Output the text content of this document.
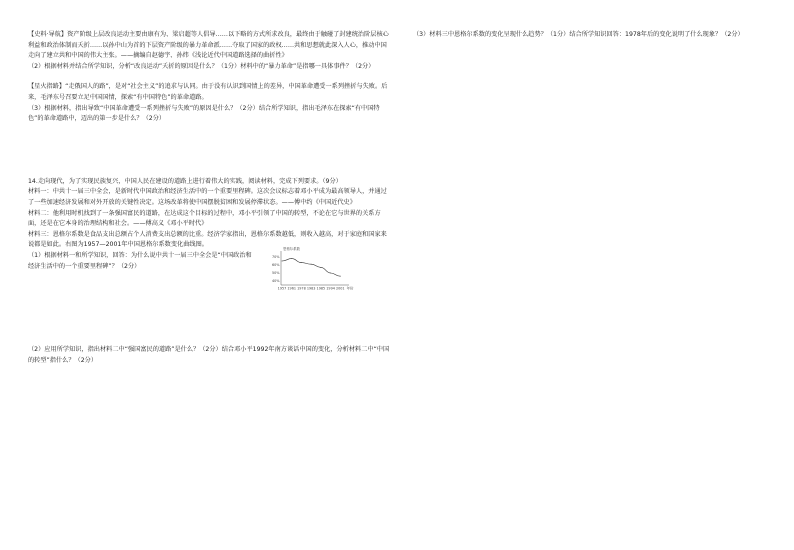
【史料·导航】资产阶级上层改良运动主要由康有为、梁启超等人倡导……以下略的方式所求改良，最终由于触碰了封建统治阶层核心利益和政治体制而夭折……以孙中山为首的下层资产阶级的暴力革命派……夺取了国家的政权……共和思想就此深入人心，推动中国走向了建立共和中国的伟大主张。——摘编自赵德宇、孙炜《浅论近代中国道路选择的曲折性》

（2）根据材料并结合所学知识，分析“改良运动”夭折的原因是什么？（1分）材料中的“暴力革命”是指哪一具体事件？（2分）

【星火指路】“走俄国人的路”，是对“社会主义”的追求与认同。由于没有认识到国情上的差异，中国革命遭受一系列挫折与失败。后来，毛泽东号召要立足中国国情，探索“有中国特色”的革命道路。

（3）根据材料，指出导致“中国革命遭受一系列挫折与失败”的原因是什么？（2分）结合所学知识，指出毛泽东在探索“有中国特色”的革命道路中，迈出的第一步是什么？（2分）

14.走向现代，为了实现民族复兴，中国人民在建设的道路上进行着伟大的实践，阅读材料，完成下列要求。（9分）

材料一：中共十一届三中全会，是新时代中国政治和经济生活中的一个重要里程碑。这次会议标志着邓小平成为最高领导人，并通过了一些加速经济发展和对外开放的关键性决定。这场改革将使中国摆脱贫困和发展停滞状态。——傅中约《中国近代史》

材料二：他利用时机找到了一条强国富民的道路，在达成这个目标的过程中，邓小平引领了中国的转型，不论在它与世界的关系方面，还是在它本身的治理结构和社会。——傅高义《邓小平时代》

材料三：恩格尔系数是食品支出总额占个人消费支出总额的比重。经济学家指出，恩格尔系数越低，则收入越高，对于家庭和国家来说都是如此。右图为1957—2001年中国恩格尔系数变化曲线图。

（1）根据材料一和所学知识，回答：为什么说中共十一届三中全会是“中国政治和经济生活中的一个重要里程碑”？（2分）

恩格尔系数
70%
60%
50%
40%
1957 1961 1978 1983 1985 1994 2001 年份

（2）应用所学知识，指出材料二中“强国富民的道路”是什么？（2分）结合邓小平1992年南方谈话中国的变化，分析材料二中“中国的转型”指什么？（2分）

（3）材料三中恩格尔系数的变化呈现什么趋势？（1分）结合所学知识回答：1978年后的变化说明了什么现象？（2分）
